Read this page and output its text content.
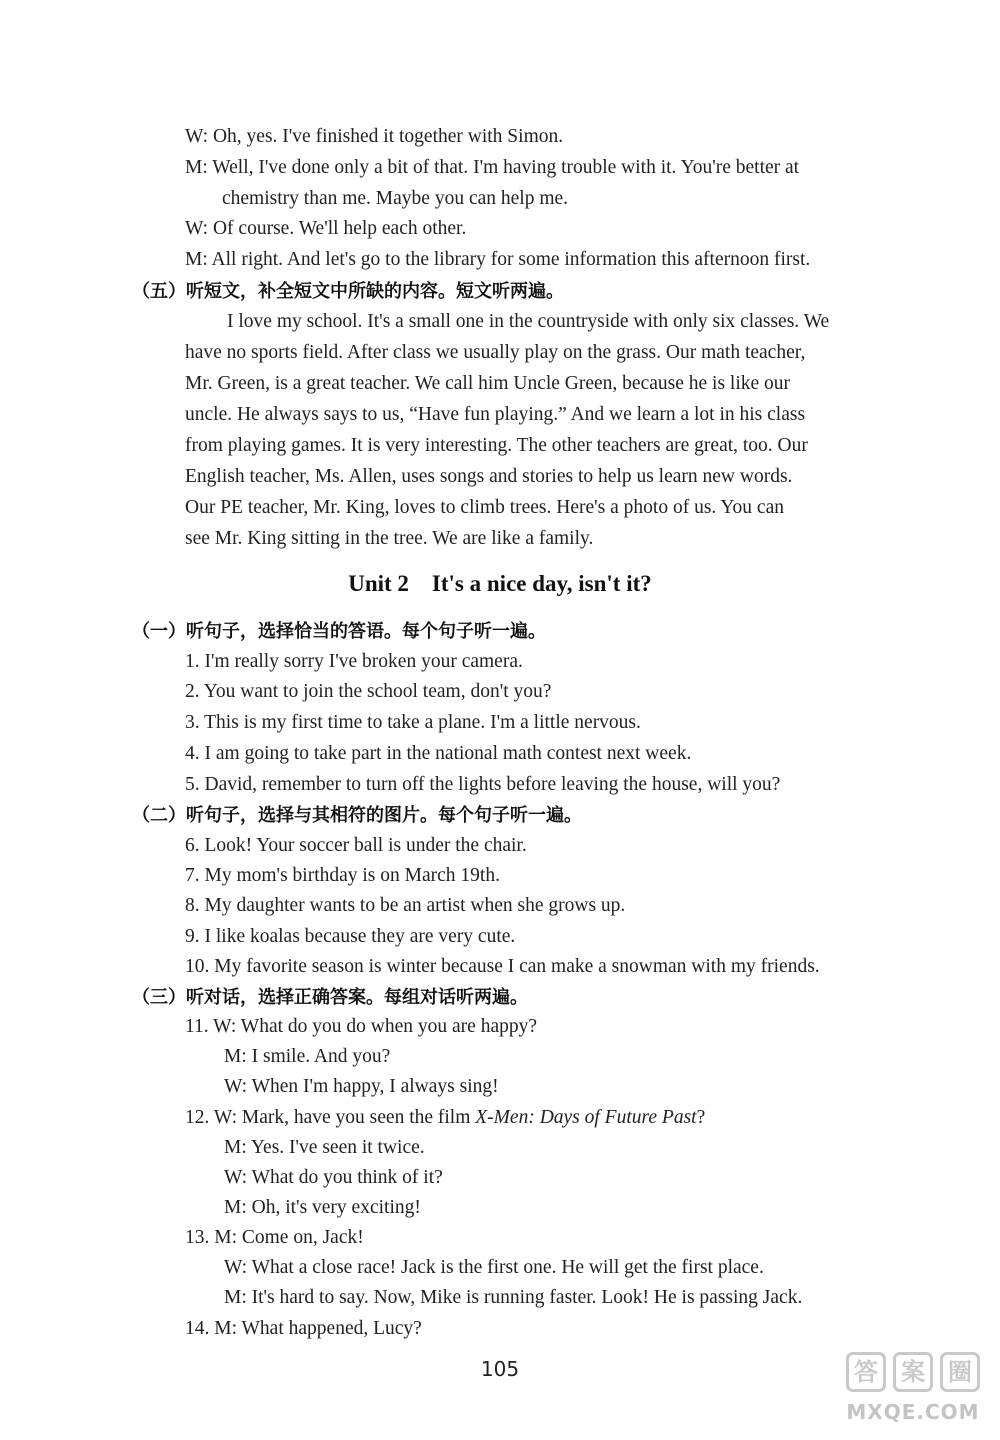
W: Oh, yes. I've finished it together with Simon.
M: Well, I've done only a bit of that. I'm having trouble with it. You're better at
chemistry than me. Maybe you can help me.
W: Of course. We'll help each other.
M: All right. And let's go to the library for some information this afternoon first.
（五）听短文，补全短文中所缺的内容。短文听两遍。
I love my school. It's a small one in the countryside with only six classes. We
have no sports field. After class we usually play on the grass. Our math teacher,
Mr. Green, is a great teacher. We call him Uncle Green, because he is like our
uncle. He always says to us, “Have fun playing.” And we learn a lot in his class
from playing games. It is very interesting. The other teachers are great, too. Our
English teacher, Ms. Allen, uses songs and stories to help us learn new words.
Our PE teacher, Mr. King, loves to climb trees. Here's a photo of us. You can
see Mr. King sitting in the tree. We are like a family.
Unit 2    It's a nice day, isn't it?
（一）听句子，选择恰当的答语。每个句子听一遍。
1. I'm really sorry I've broken your camera.
2. You want to join the school team, don't you?
3. This is my first time to take a plane. I'm a little nervous.
4. I am going to take part in the national math contest next week.
5. David, remember to turn off the lights before leaving the house, will you?
（二）听句子，选择与其相符的图片。每个句子听一遍。
6. Look! Your soccer ball is under the chair.
7. My mom's birthday is on March 19th.
8. My daughter wants to be an artist when she grows up.
9. I like koalas because they are very cute.
10. My favorite season is winter because I can make a snowman with my friends.
（三）听对话，选择正确答案。每组对话听两遍。
11. W: What do you do when you are happy?
M: I smile. And you?
W: When I'm happy, I always sing!
12. W: Mark, have you seen the film X-Men: Days of Future Past?
M: Yes. I've seen it twice.
W: What do you think of it?
M: Oh, it's very exciting!
13. M: Come on, Jack!
W: What a close race! Jack is the first one. He will get the first place.
M: It's hard to say. Now, Mike is running faster. Look! He is passing Jack.
14. M: What happened, Lucy?
105	答 案 圈
MXQE.COM
